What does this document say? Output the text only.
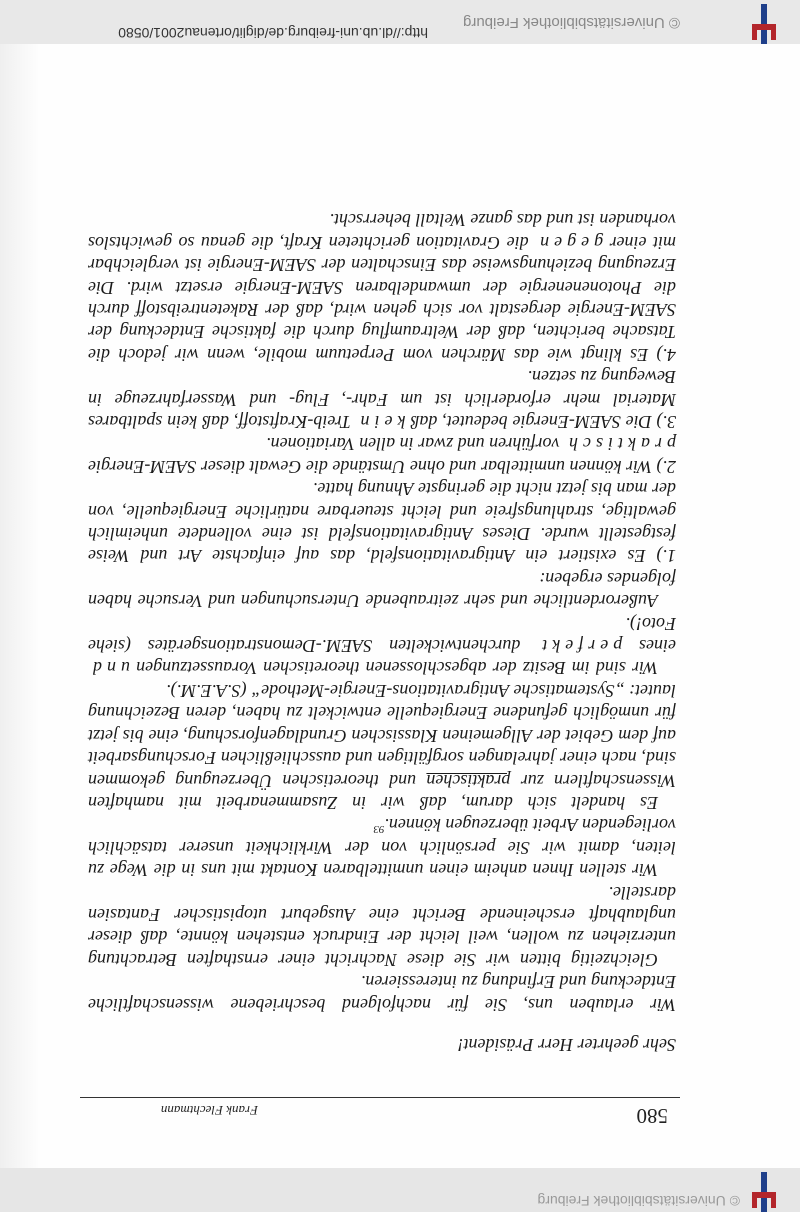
© Universitätsbibliothek Freiburg
580
Frank Flechtmann

Sehr geehrter Herr Präsident!

Wir erlauben uns, Sie für nachfolgend beschriebene wissenschaftliche Entdeckung und Erfindung zu interessieren.

Gleichzeitig bitten wir Sie diese Nachricht einer ernsthaften Betrachtung unterziehen zu wollen, weil leicht der Eindruck entstehen könnte, daß dieser unglaubhaft erscheinende Bericht eine Ausgeburt utopistischer Fantasien darstelle.

Wir stellen Ihnen anheim einen unmittelbaren Kontakt mit uns in die Wege zu leiten, damit wir Sie persönlich von der Wirklichkeit unserer tatsächlich vorliegenden Arbeit überzeugen können.$^{93}$

Es handelt sich darum, daß wir in Zusammenarbeit mit namhaften Wissenschaftlern zur praktischen und theoretischen Überzeugung gekommen sind, nach einer jahrelangen sorgfältigen und ausschließlichen Forschungsarbeit auf dem Gebiet der Allgemeinen Klassischen Grundlagenforschung, eine bis jetzt für unmöglich gefundene Energiequelle entwickelt zu haben, deren Bezeichnung lautet: „Systematische Antigravitations-Energie-Methode“ (S.A.E.M.).

Wir sind im Besitz der abgeschlossenen theoretischen Voraussetzungen und eines perfekt durchentwickelten SAEM.-Demonstrationsgerätes (siehe Foto!).

Außerordentliche und sehr zeitraubende Untersuchungen und Versuche haben folgendes ergeben:

1.) Es existiert ein Antigravitationsfeld, das auf einfachste Art und Weise festgestellt wurde. Dieses Antigravitationsfeld ist eine vollendete unheimlich gewaltige, strahlungsfreie und leicht steuerbare natürliche Energiequelle, von der man bis jetzt nicht die geringste Ahnung hatte.

2.) Wir können unmittelbar und ohne Umstände die Gewalt dieser SAEM-Energie praktisch vorführen und zwar in allen Variationen.

3.) Die SAEM-Energie bedeutet, daß kein Treib-Kraftstoff, daß kein spaltbares Material mehr erforderlich ist um Fahr-, Flug- und Wasserfahrzeuge in Bewegung zu setzen.

4.) Es klingt wie das Märchen vom Perpetuum mobile, wenn wir jedoch die Tatsache berichten, daß der Weltraumflug durch die faktische Entdeckung der SAEM-Energie dergestalt vor sich gehen wird, daß der Raketentreibstoff durch die Photonenenergie der umwandelbaren SAEM-Energie ersetzt wird. Die Erzeugung beziehungsweise das Einschalten der SAEM-Energie ist vergleichbar mit einer gegen die Gravitation gerichteten Kraft, die genau so gewichtslos vorhanden ist und das ganze Weltall beherrscht.

http://dl.ub.uni-freiburg.de/diglit/ortenau2001/0580
© Universitätsbibliothek Freiburg
